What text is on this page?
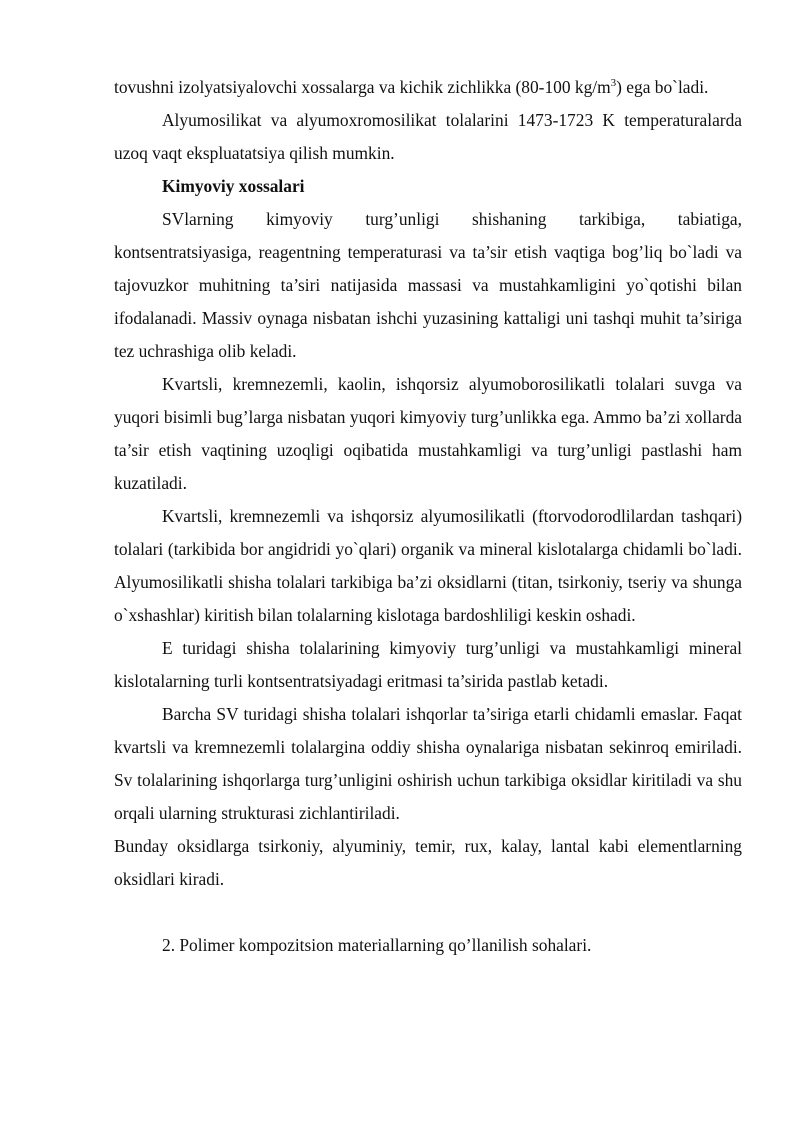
tovushni izolyatsiyalovchi xossalarga va kichik zichlikka (80-100 $kg/m^3$) ega bo`ladi.

Alyumosilikat va alyumoxromosilikat tolalarini 1473-1723 K temperaturalarda uzoq vaqt ekspluatatsiya qilish mumkin.

Kimyoviy xossalari

SVlarning kimyoviy turg’unligi shishaning tarkibiga, tabiatiga, kontsentratsiyasiga, reagentning temperaturasi va ta’sir etish vaqtiga bog’liq bo`ladi va tajovuzkor muhitning ta’siri natijasida massasi va mustahkamligini yo`qotishi bilan ifodalanadi. Massiv oynaga nisbatan ishchi yuzasining kattaligi uni tashqi muhit ta’siriga tez uchrashiga olib keladi.

Kvartsli, kremnezemli, kaolin, ishqorsiz alyumoborosilikatli tolalari suvga va yuqori bisimli bug’larga nisbatan yuqori kimyoviy turg’unlikka ega. Ammo ba’zi xollarda ta’sir etish vaqtining uzoqligi oqibatida mustahkamligi va turg’unligi pastlashi ham kuzatiladi.

Kvartsli, kremnezemli va ishqorsiz alyumosilikatli (ftorvodorodlilardan tashqari) tolalari (tarkibida bor angidridi yo`qlari) organik va mineral kislotalarga chidamli bo`ladi. Alyumosilikatli shisha tolalari tarkibiga ba’zi oksidlarni (titan, tsirkoniy, tseriy va shunga o`xshashlar) kiritish bilan tolalarning kislotaga bardoshliligi keskin oshadi.

E turidagi shisha tolalarining kimyoviy turg’unligi va mustahkamligi mineral kislotalarning turli kontsentratsiyadagi eritmasi ta’sirida pastlab ketadi.

Barcha SV turidagi shisha tolalari ishqorlar ta’siriga etarli chidamli emaslar. Faqat kvartsli va kremnezemli tolalargina oddiy shisha oynalariga nisbatan sekinroq emiriladi. Sv tolalarining ishqorlarga turg’unligini oshirish uchun tarkibiga oksidlar kiritiladi va shu orqali ularning strukturasi zichlantiriladi.

Bunday oksidlarga tsirkoniy, alyuminiy, temir, rux, kalay, lantal kabi elementlarning oksidlari kiradi.

2. Polimer kompozitsion materiallarning qo’llanilish sohalari.
